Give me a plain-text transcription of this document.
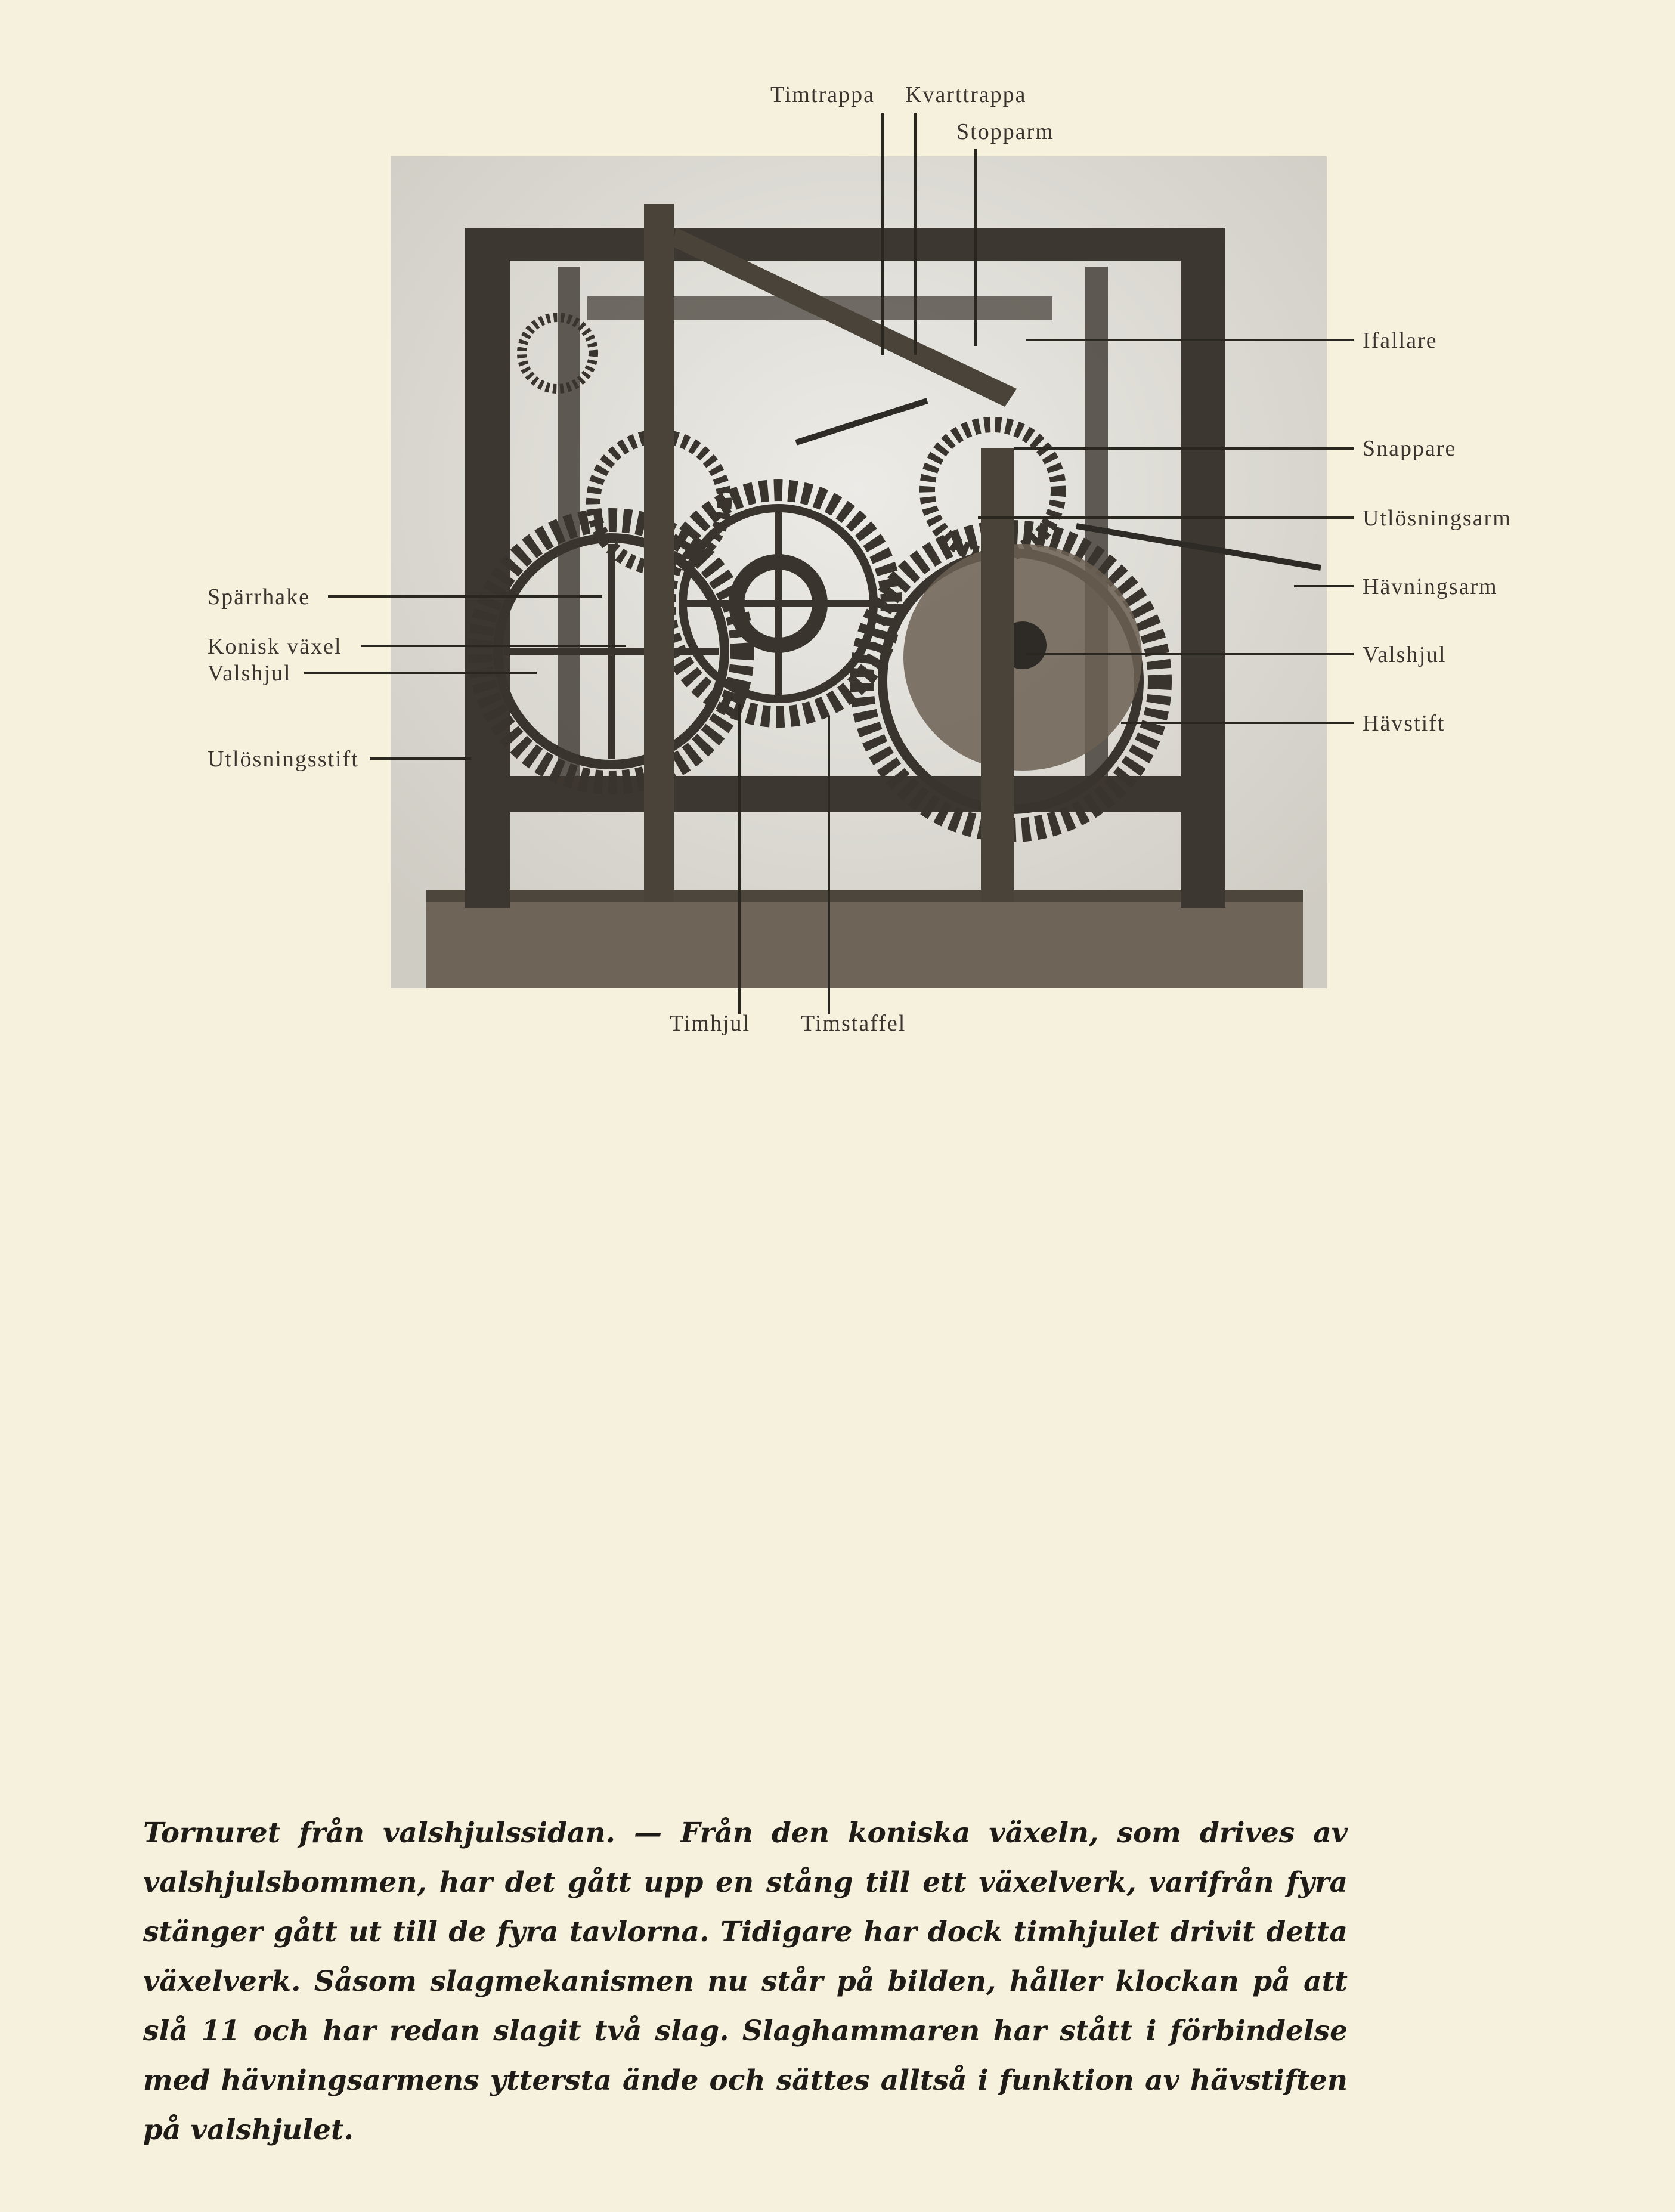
Timtrappa Kvarttrappa
Stopparm
Ifallare
Snappare
Utlösningsarm
Hävningsarm
Valshjul
Hävstift
Spärrhake
Konisk växel
Valshjul
Utlösningsstift
Timhjul Timstaffel

Tornuret från valshjulssidan. — Från den koniska växeln, som drives av valshjulsbommen, har det gått upp en stång till ett växelverk, varifrån fyra stänger gått ut till de fyra tavlorna. Tidigare har dock timhjulet drivit detta växelverk. Såsom slagmekanismen nu står på bilden, håller klockan på att slå 11 och har redan slagit två slag. Slaghammaren har stått i förbindelse med hävningsarmens yttersta ände och sättes alltså i funktion av hävstiften på valshjulet.
